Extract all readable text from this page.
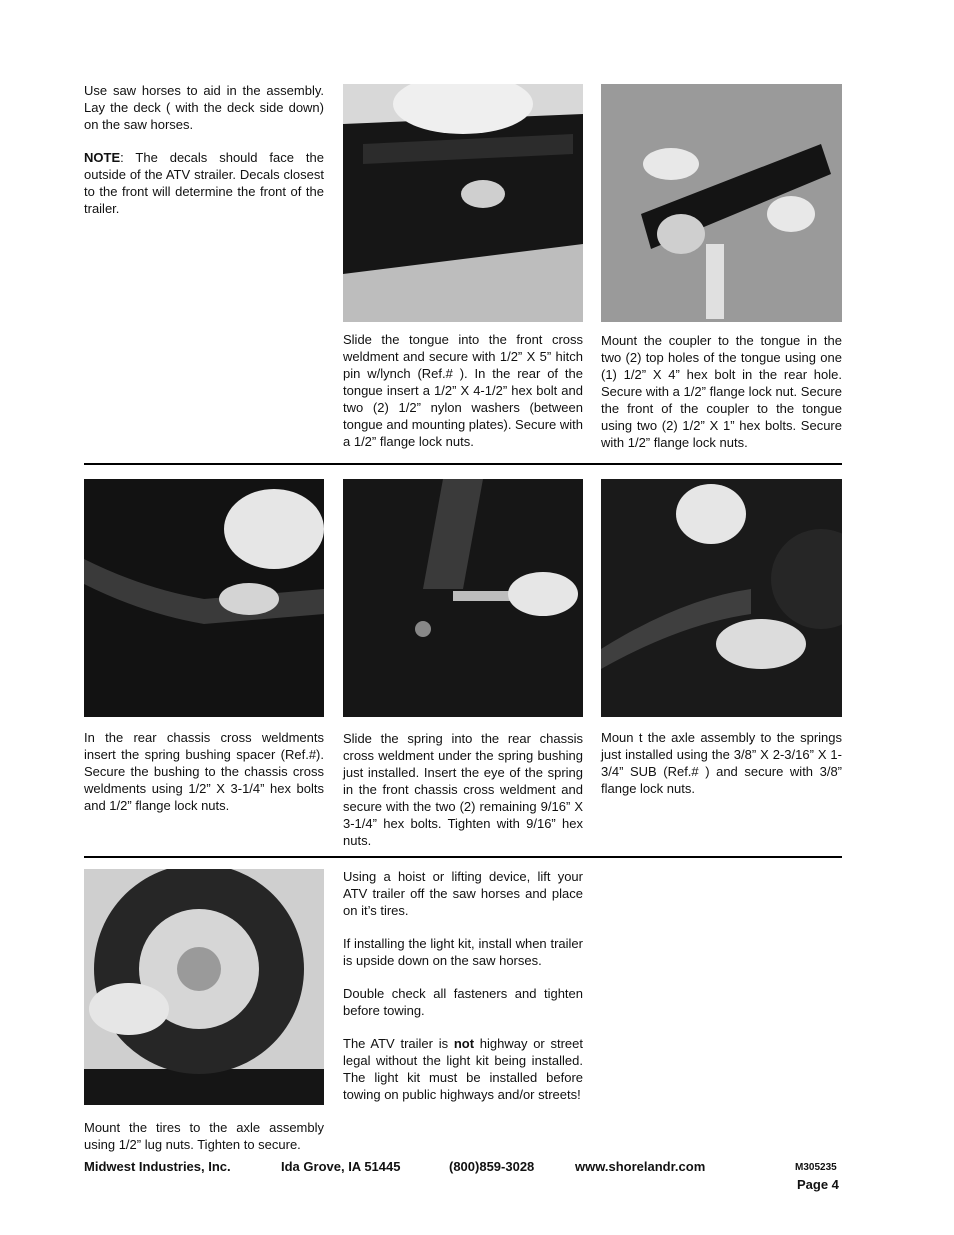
Use saw horses to aid in the assembly. Lay the deck ( with the deck side down) on the saw horses.

NOTE: The decals should face the outside of the ATV strailer. Decals closest to the front will determine the front of the trailer.

Slide the tongue into the front cross weldment and secure with 1/2” X 5” hitch pin w/lynch (Ref.# ). In the rear of the tongue insert a 1/2” X 4-1/2” hex bolt and two (2) 1/2” nylon washers (between tongue and mounting plates). Secure with a 1/2” flange lock nuts.
Mount the coupler to the tongue in the two (2) top holes of the tongue using one (1) 1/2” X 4” hex bolt in the rear hole. Secure with a 1/2” flange lock nut. Secure the front of the coupler to the tongue using two (2) 1/2” X 1” hex bolts. Secure with 1/2” flange lock nuts.
In the rear chassis cross weldments insert the spring bushing spacer (Ref.#). Secure the bushing to the chassis cross weldments using 1/2” X 3-1/4” hex bolts and 1/2” flange lock nuts.
Slide the spring into the rear chassis cross weldment under the spring bushing just installed. Insert the eye of the spring in the front chassis cross weldment and secure with the two (2) remaining 9/16” X 3-1/4” hex bolts. Tighten with 9/16” hex nuts.
Moun t the axle assembly to the springs just installed using the 3/8” X 2-3/16” X 1-3/4” SUB (Ref.# ) and secure with 3/8” flange lock nuts.
Mount the tires to the axle assembly using 1/2” lug nuts. Tighten to secure.

Using a hoist or lifting device, lift your ATV trailer off the saw horses and place on it’s tires.

If installing the light kit, install when trailer is upside down on the saw horses.

Double check all fasteners and tighten before towing.

The ATV trailer is not highway or street legal without the light kit being installed. The light kit must be installed before towing on public highways and/or streets!

Midwest Industries, Inc.	Ida Grove, IA 51445	(800)859-3028	www.shorelandr.com	M305235
Page 4
